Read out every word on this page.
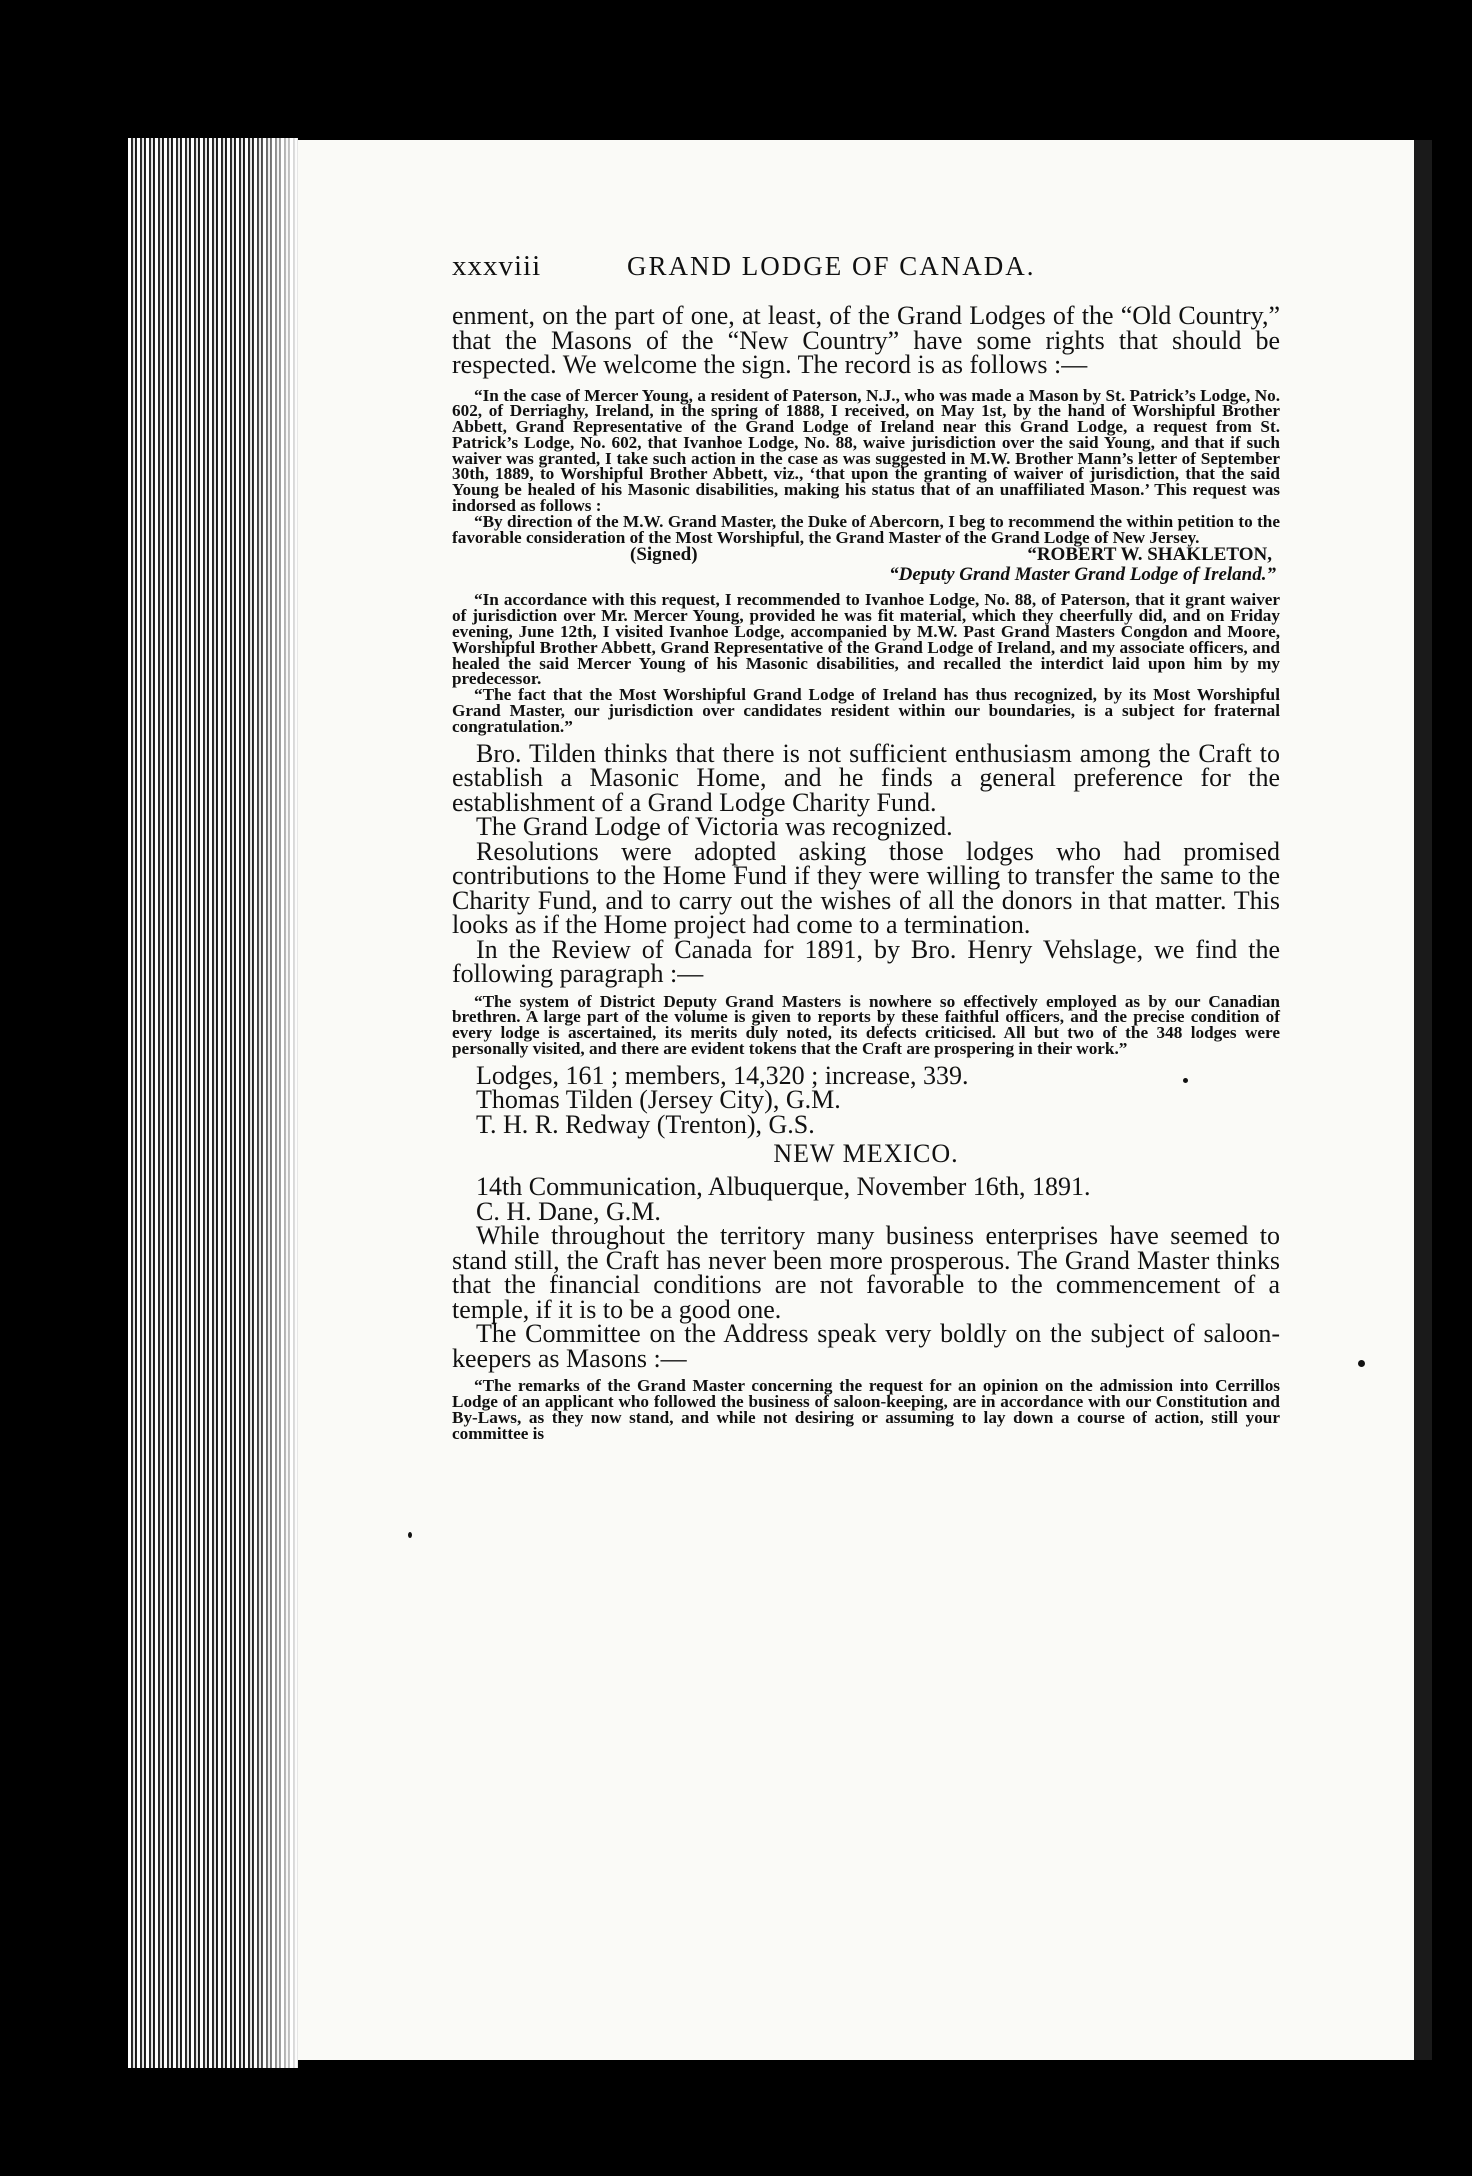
xxxviii	GRAND LODGE OF CANADA.

enment, on the part of one, at least, of the Grand Lodges of the “Old Country,” that the Masons of the “New Country” have some rights that should be respected. We welcome the sign. The record is as follows :—

“In the case of Mercer Young, a resident of Paterson, N.J., who was made a Mason by St. Patrick’s Lodge, No. 602, of Derriaghy, Ireland, in the spring of 1888, I received, on May 1st, by the hand of Worshipful Brother Abbett, Grand Representative of the Grand Lodge of Ireland near this Grand Lodge, a request from St. Patrick’s Lodge, No. 602, that Ivanhoe Lodge, No. 88, waive jurisdiction over the said Young, and that if such waiver was granted, I take such action in the case as was suggested in M.W. Brother Mann’s letter of September 30th, 1889, to Worshipful Brother Abbett, viz., ‘that upon the granting of waiver of jurisdiction, that the said Young be healed of his Masonic disabilities, making his status that of an unaffiliated Mason.’ This request was indorsed as follows :

“By direction of the M.W. Grand Master, the Duke of Abercorn, I beg to recommend the within petition to the favorable consideration of the Most Worshipful, the Grand Master of the Grand Lodge of New Jersey.

(Signed)	“ROBERT W. SHAKLETON,
“Deputy Grand Master Grand Lodge of Ireland.”

“In accordance with this request, I recommended to Ivanhoe Lodge, No. 88, of Paterson, that it grant waiver of jurisdiction over Mr. Mercer Young, provided he was fit material, which they cheerfully did, and on Friday evening, June 12th, I visited Ivanhoe Lodge, accompanied by M.W. Past Grand Masters Congdon and Moore, Worshipful Brother Abbett, Grand Representative of the Grand Lodge of Ireland, and my associate officers, and healed the said Mercer Young of his Masonic disabilities, and recalled the interdict laid upon him by my predecessor.

“The fact that the Most Worshipful Grand Lodge of Ireland has thus recognized, by its Most Worshipful Grand Master, our jurisdiction over candidates resident within our boundaries, is a subject for fraternal congratulation.”

Bro. Tilden thinks that there is not sufficient enthusiasm among the Craft to establish a Masonic Home, and he finds a general preference for the establishment of a Grand Lodge Charity Fund.

The Grand Lodge of Victoria was recognized.

Resolutions were adopted asking those lodges who had promised contributions to the Home Fund if they were willing to transfer the same to the Charity Fund, and to carry out the wishes of all the donors in that matter. This looks as if the Home project had come to a termination.

In the Review of Canada for 1891, by Bro. Henry Vehslage, we find the following paragraph :—

“The system of District Deputy Grand Masters is nowhere so effectively employed as by our Canadian brethren. A large part of the volume is given to reports by these faithful officers, and the precise condition of every lodge is ascertained, its merits duly noted, its defects criticised. All but two of the 348 lodges were personally visited, and there are evident tokens that the Craft are prospering in their work.”

Lodges, 161 ; members, 14,320 ; increase, 339.

Thomas Tilden (Jersey City), G.M.

T. H. R. Redway (Trenton), G.S.

NEW MEXICO.

14th Communication, Albuquerque, November 16th, 1891.

C. H. Dane, G.M.

While throughout the territory many business enterprises have seemed to stand still, the Craft has never been more prosperous. The Grand Master thinks that the financial conditions are not favorable to the commencement of a temple, if it is to be a good one.

The Committee on the Address speak very boldly on the subject of saloon-keepers as Masons :—

“The remarks of the Grand Master concerning the request for an opinion on the admission into Cerrillos Lodge of an applicant who followed the business of saloon-keeping, are in accordance with our Constitution and By-Laws, as they now stand, and while not desiring or assuming to lay down a course of action, still your committee is
